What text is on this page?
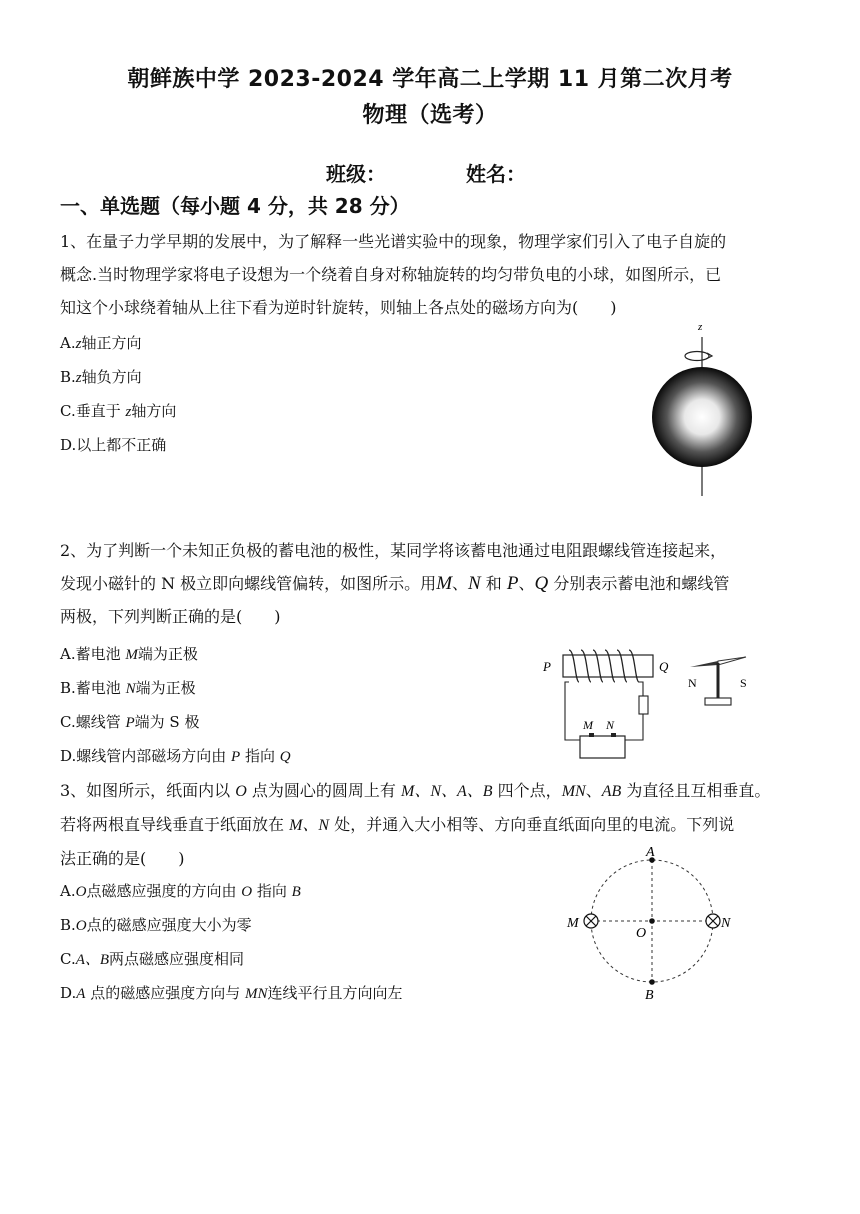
朝鲜族中学 2023-2024 学年高二上学期 11 月第二次月考
物理（选考）
班级：	姓名：
一、单选题（每小题 4 分，共 28 分）
1、在量子力学早期的发展中，为了解释一些光谱实验中的现象，物理学家们引入了电子自旋的
概念.当时物理学家将电子设想为一个绕着自身对称轴旋转的均匀带负电的小球，如图所示，已
知这个小球绕着轴从上往下看为逆时针旋转，则轴上各点处的磁场方向为(　　)
A.z轴正方向
B.z轴负方向
C.垂直于 z轴方向
D.以上都不正确
z
2、为了判断一个未知正负极的蓄电池的极性，某同学将该蓄电池通过电阻跟螺线管连接起来，
发现小磁针的 N 极立即向螺线管偏转，如图所示。用M、N 和 P、Q 分别表示蓄电池和螺线管
两极，下列判断正确的是(　　)
A.蓄电池 M端为正极
B.蓄电池 N端为正极
C.螺线管 P端为 S 极
D.螺线管内部磁场方向由 P 指向 Q
P	Q
M N
N	S
3、如图所示，纸面内以 O 点为圆心的圆周上有 M、N、A、B 四个点，MN、AB 为直径且互相垂直。
若将两根直导线垂直于纸面放在 M、N 处，并通入大小相等、方向垂直纸面向里的电流。下列说
法正确的是(　　)
A.O点磁感应强度的方向由 O 指向 B
B.O点的磁感应强度大小为零
C.A、B两点磁感应强度相同
D.A 点的磁感应强度方向与 MN连线平行且方向向左
A
B
M	N
O
